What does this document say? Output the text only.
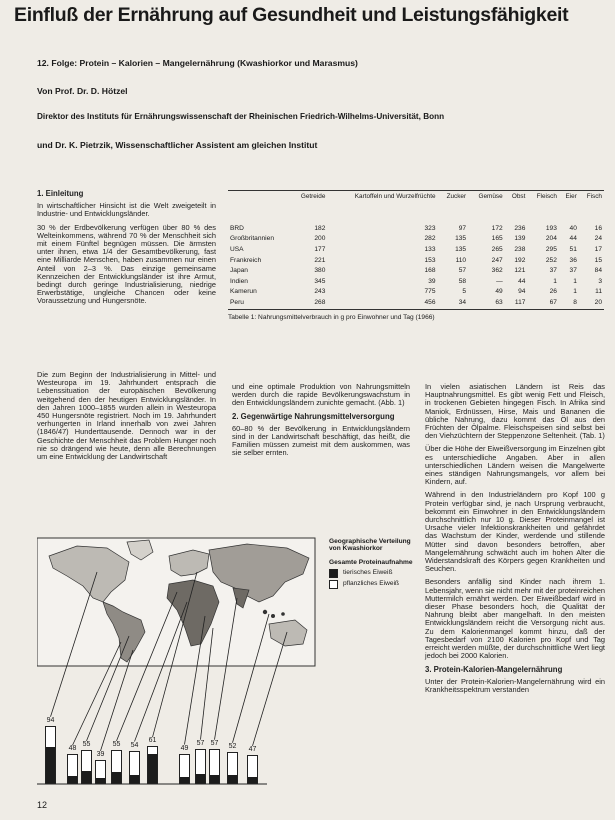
Einfluß der Ernährung auf Gesundheit und Leistungsfähigkeit
12. Folge: Protein – Kalorien – Mangelernährung (Kwashiorkor und Marasmus)
Von Prof. Dr. D. Hötzel
Direktor des Instituts für Ernährungswissenschaft der Rheinischen Friedrich-Wilhelms-Universität, Bonn
und Dr. K. Pietrzik, Wissenschaftlicher Assistent am gleichen Institut
1. Einleitung

In wirtschaftlicher Hinsicht ist die Welt zweigeteilt in Industrie- und Entwicklungsländer.

30 % der Erdbevölkerung verfügen über 80 % des Welteinkommens, während 70 % der Menschheit sich mit einem Fünftel begnügen müssen. Die ärmsten unter ihnen, etwa 1/4 der Gesamtbevölkerung, fast eine Milliarde Menschen, haben zusammen nur einen Anteil von 2–3 %. Das einzige gemeinsame Kennzeichen der Entwicklungsländer ist ihre Armut, bedingt durch geringe Industrialisierung, niedrige Erwerbstätige, ungleiche Chancen oder keine Voraussetzung und Hungersnöte.

	Getreide	Kartoffeln und Wurzelfrüchte	Zucker	Gemüse	Obst	Fleisch	Eier	Fisch
BRD	182	323	97	172	236	193	40	16
Großbritannien	200	282	135	165	139	204	44	24
USA	177	133	135	265	238	295	51	17
Frankreich	221	153	110	247	192	252	36	15
Japan	380	168	57	362	121	37	37	84
Indien	345	39	58	—	44	1	1	3
Kamerun	243	775	5	49	94	26	1	11
Peru	268	456	34	63	117	67	8	20
Tabelle 1: Nahrungsmittelverbrauch in g pro Einwohner und Tag (1966)

Die zum Beginn der Industrialisierung in Mittel- und Westeuropa im 19. Jahrhundert entsprach die Lebenssituation der europäischen Bevölkerung weitgehend den der heutigen Entwicklungsländer. In den Jahren 1000–1855 wurden allein in Westeuropa 450 Hungersnöte registriert. Noch im 19. Jahrhundert verhungerten in Irland innerhalb von zwei Jahren (1846/47) Hunderttausende. Dennoch war in der Geschichte der Menschheit das Problem Hunger noch nie so drängend wie heute, denn alle Berechnungen um eine Entwicklung der Landwirtschaft

und eine optimale Produktion von Nahrungsmitteln werden durch die rapide Bevölkerungswachstum in den Entwicklungsländern zunichte gemacht. (Abb. 1)

2. Gegenwärtige Nahrungsmittelversorgung

60–80 % der Bevölkerung in Entwicklungsländern sind in der Landwirtschaft beschäftigt, das heißt, die Familien müssen zumeist mit dem auskommen, was sie selber ernten.

In vielen asiatischen Ländern ist Reis das Hauptnahrungsmittel. Es gibt wenig Fett und Fleisch, in trockenen Gebieten hingegen Fisch. In Afrika sind Maniok, Erdnüssen, Hirse, Mais und Bananen die übliche Nahrung, dazu kommt das Öl aus den Früchten der Ölpalme. Fleischspeisen sind selbst bei den Viehzüchtern der Steppenzone Seltenheit. (Tab. 1)

Über die Höhe der Eiweißversorgung im Einzelnen gibt es unterschiedliche Angaben. Aber in allen unterschiedlichen Ländern weisen die Mangelwerte eines ständigen Nahrungsmangels, vor allem bei Kindern, auf.

Während in den Industrieländern pro Kopf 100 g Protein verfügbar sind, je nach Ursprung verbraucht, bekommt ein Einwohner in den Entwicklungsländern durchschnittlich nur 10 g. Dieser Proteinmangel ist Ursache vieler Infektionskrankheiten und gefährdet das Wachstum der Kinder, werdende und stillende Mütter sind davon besonders betroffen, aber Mangelernährung schwächt auch im hohen Alter die Widerstandskraft des Körpers gegen Krankheiten und Seuchen.

Besonders anfällig sind Kinder nach ihrem 1. Lebensjahr, wenn sie nicht mehr mit der proteinreichen Muttermilch ernährt werden. Der Eiweißbedarf wird in dieser Phase besonders hoch, die Qualität der Nahrung bleibt aber mangelhaft. In den meisten Entwicklungsländern reicht die Versorgung nicht aus. Zu dem Kalorienmangel kommt hinzu, daß der Tagesbedarf von 2100 Kalorien pro Kopf und Tag erreicht werden müßte, der durchschnittliche Wert liegt jedoch bei 2000 Kalorien.

3. Protein-Kalorien-Mangelernährung

Unter der Protein-Kalorien-Mangelernährung wird ein Krankheitsspektrum verstanden

Geographische Verteilung von Kwashiorkor
Gesamte Proteinaufnahme
tierisches Eiweiß
pflanzliches Eiweiß
94
48
55
39
55	54
61
49
57 57	52	47
12
